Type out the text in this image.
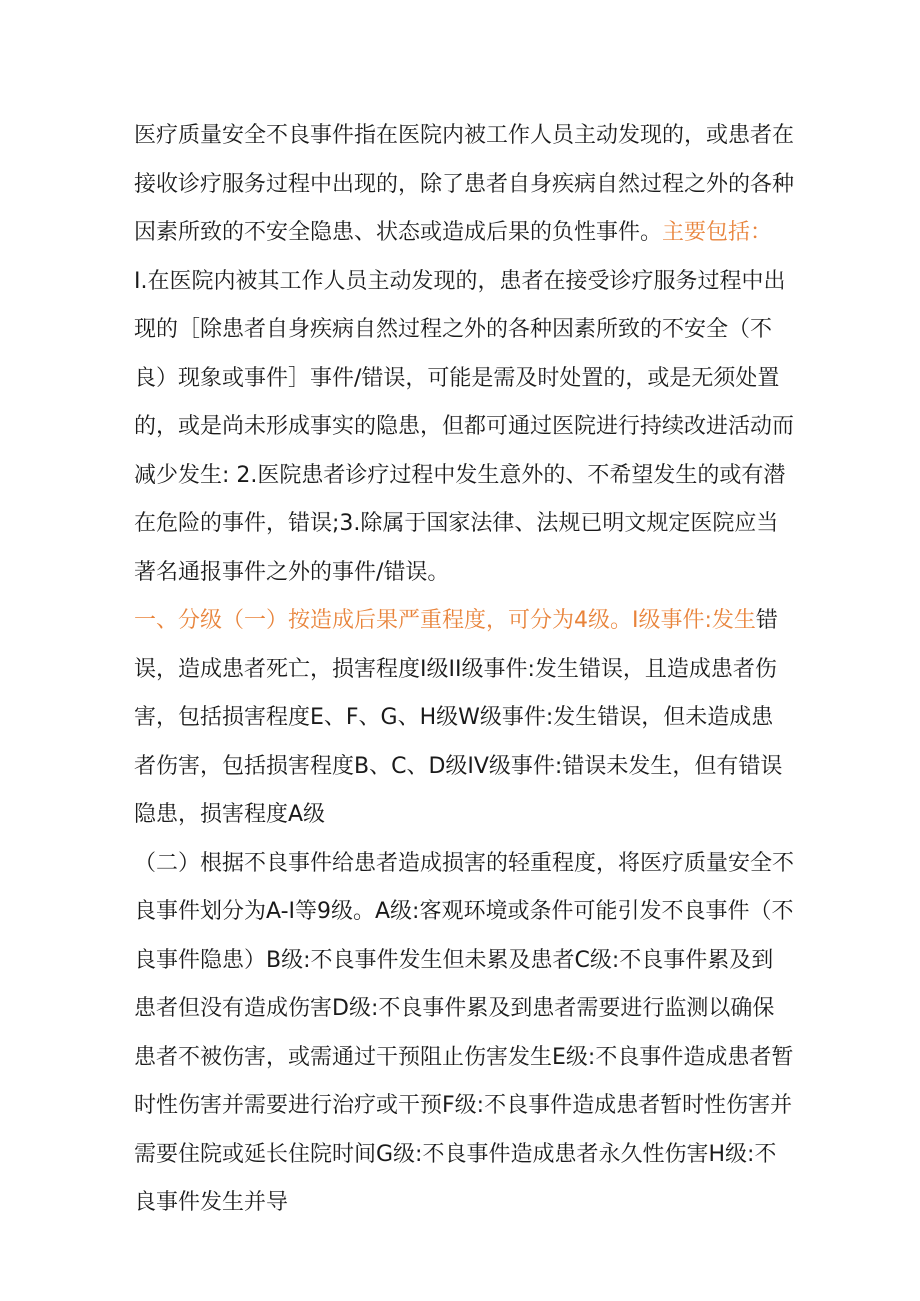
医疗质量安全不良事件指在医院内被工作人员主动发现的，或患者在接收诊疗服务过程中出现的，除了患者自身疾病自然过程之外的各种因素所致的不安全隐患、状态或造成后果的负性事件。主要包括：

I.在医院内被其工作人员主动发现的，患者在接受诊疗服务过程中出现的［除患者自身疾病自然过程之外的各种因素所致的不安全（不良）现象或事件］事件/错误，可能是需及时处置的，或是无须处置的，或是尚未形成事实的隐患，但都可通过医院进行持续改进活动而减少发生: 2.医院患者诊疗过程中发生意外的、不希望发生的或有潜在危险的事件，错误;3.除属于国家法律、法规已明文规定医院应当著名通报事件之外的事件/错误。

一、分级（一）按造成后果严重程度，可分为4级。I级事件:发生错误，造成患者死亡，损害程度I级II级事件:发生错误，且造成患者伤害，包括损害程度E、F、G、H级W级事件:发生错误，但未造成患者伤害，包括损害程度B、C、D级IV级事件:错误未发生，但有错误隐患，损害程度A级

（二）根据不良事件给患者造成损害的轻重程度，将医疗质量安全不良事件划分为A-I等9级。A级:客观环境或条件可能引发不良事件（不良事件隐患）B级:不良事件发生但未累及患者C级:不良事件累及到患者但没有造成伤害D级:不良事件累及到患者需要进行监测以确保患者不被伤害，或需通过干预阻止伤害发生E级:不良事件造成患者暂时性伤害并需要进行治疗或干预F级:不良事件造成患者暂时性伤害并需要住院或延长住院时间G级:不良事件造成患者永久性伤害H级:不良事件发生并导
